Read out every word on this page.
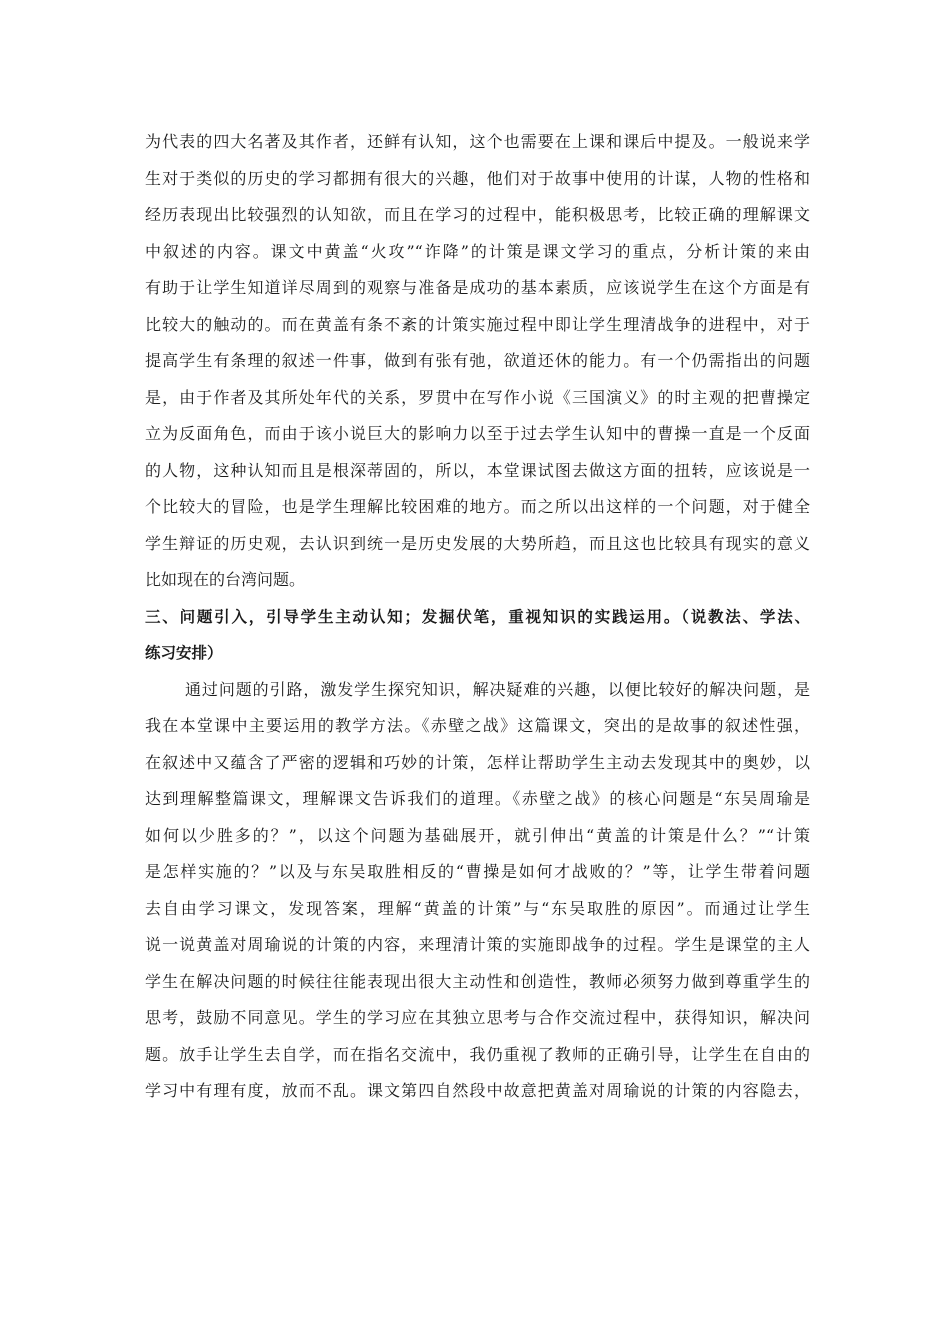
为代表的四大名著及其作者，还鲜有认知，这个也需要在上课和课后中提及。一般说来学
生对于类似的历史的学习都拥有很大的兴趣，他们对于故事中使用的计谋，人物的性格和
经历表现出比较强烈的认知欲，而且在学习的过程中，能积极思考，比较正确的理解课文
中叙述的内容。课文中黄盖“火攻”“诈降”的计策是课文学习的重点，分析计策的来由
有助于让学生知道详尽周到的观察与准备是成功的基本素质，应该说学生在这个方面是有
比较大的触动的。而在黄盖有条不紊的计策实施过程中即让学生理清战争的进程中，对于
提高学生有条理的叙述一件事，做到有张有弛，欲道还休的能力。有一个仍需指出的问题
是，由于作者及其所处年代的关系，罗贯中在写作小说《三国演义》的时主观的把曹操定
立为反面角色，而由于该小说巨大的影响力以至于过去学生认知中的曹操一直是一个反面
的人物，这种认知而且是根深蒂固的，所以，本堂课试图去做这方面的扭转，应该说是一
个比较大的冒险，也是学生理解比较困难的地方。而之所以出这样的一个问题，对于健全
学生辩证的历史观，去认识到统一是历史发展的大势所趋，而且这也比较具有现实的意义
比如现在的台湾问题。
三、问题引入，引导学生主动认知；发掘伏笔，重视知识的实践运用。（说教法、学法、
练习安排）
通过问题的引路，激发学生探究知识，解决疑难的兴趣，以便比较好的解决问题，是
我在本堂课中主要运用的教学方法。《赤壁之战》这篇课文，突出的是故事的叙述性强，
在叙述中又蕴含了严密的逻辑和巧妙的计策，怎样让帮助学生主动去发现其中的奥妙，以
达到理解整篇课文，理解课文告诉我们的道理。《赤壁之战》的核心问题是“东吴周瑜是
如何以少胜多的？”，以这个问题为基础展开，就引伸出“黄盖的计策是什么？”“计策
是怎样实施的？”以及与东吴取胜相反的“曹操是如何才战败的？”等，让学生带着问题
去自由学习课文，发现答案，理解“黄盖的计策”与“东吴取胜的原因”。而通过让学生
说一说黄盖对周瑜说的计策的内容，来理清计策的实施即战争的过程。学生是课堂的主人
学生在解决问题的时候往往能表现出很大主动性和创造性，教师必须努力做到尊重学生的
思考，鼓励不同意见。学生的学习应在其独立思考与合作交流过程中，获得知识，解决问
题。放手让学生去自学，而在指名交流中，我仍重视了教师的正确引导，让学生在自由的
学习中有理有度，放而不乱。课文第四自然段中故意把黄盖对周瑜说的计策的内容隐去，
